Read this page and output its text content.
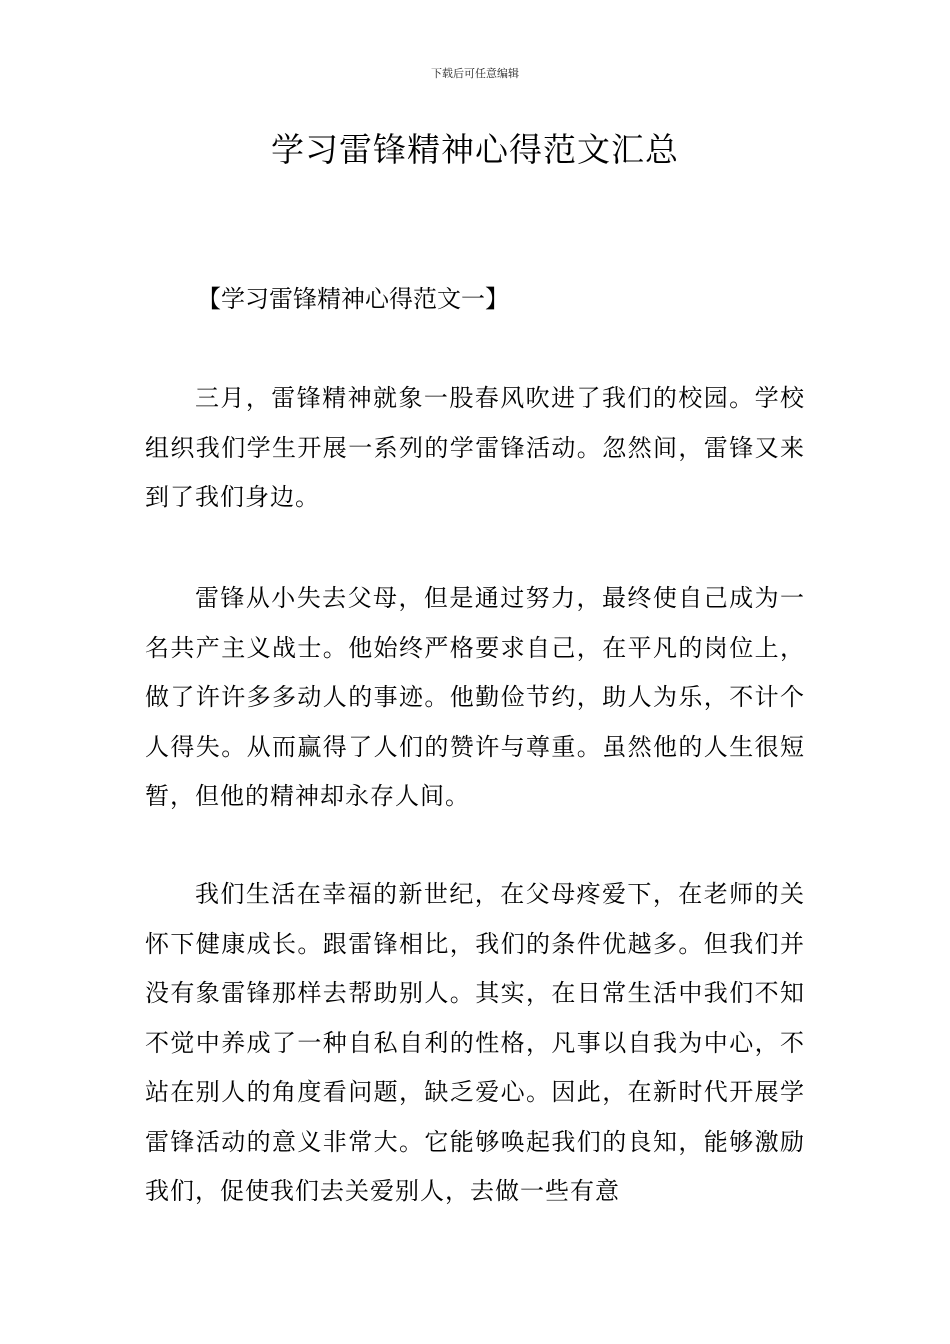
下载后可任意编辑
学习雷锋精神心得范文汇总
【学习雷锋精神心得范文一】

三月，雷锋精神就象一股春风吹进了我们的校园。学校组织我们学生开展一系列的学雷锋活动。忽然间，雷锋又来到了我们身边。

雷锋从小失去父母，但是通过努力，最终使自己成为一名共产主义战士。他始终严格要求自己，在平凡的岗位上，做了许许多多动人的事迹。他勤俭节约，助人为乐，不计个人得失。从而赢得了人们的赞许与尊重。虽然他的人生很短暂，但他的精神却永存人间。

我们生活在幸福的新世纪，在父母疼爱下，在老师的关怀下健康成长。跟雷锋相比，我们的条件优越多。但我们并没有象雷锋那样去帮助别人。其实，在日常生活中我们不知不觉中养成了一种自私自利的性格，凡事以自我为中心，不站在别人的角度看问题，缺乏爱心。因此，在新时代开展学雷锋活动的意义非常大。它能够唤起我们的良知，能够激励我们，促使我们去关爱别人，去做一些有意
